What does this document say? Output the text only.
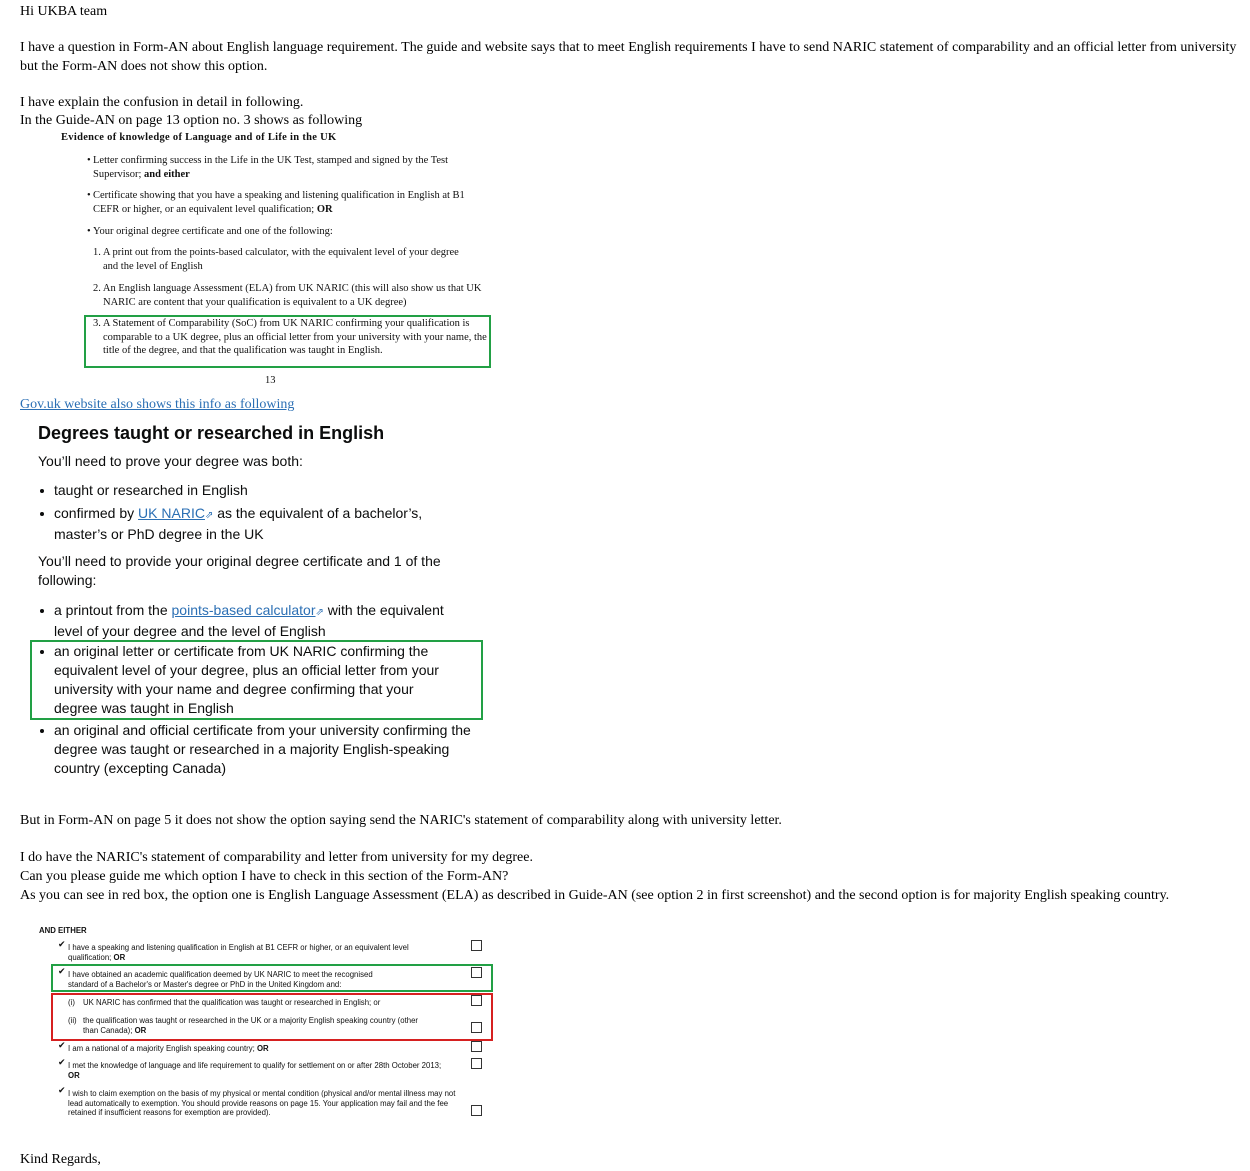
Hi UKBA team
I have a question in Form-AN about English language requirement. The guide and website says that to meet English requirements I have to send NARIC statement of comparability and an official letter from university but the Form-AN does not show this option.
I have explain the confusion in detail in following.
In the Guide-AN on page 13 option no. 3 shows as following
Evidence of knowledge of Language and of Life in the UK
• Letter confirming success in the Life in the UK Test, stamped and signed by the Test Supervisor; and either
• Certificate showing that you have a speaking and listening qualification in English at B1 CEFR or higher, or an equivalent level qualification; OR
• Your original degree certificate and one of the following:
1. A print out from the points-based calculator, with the equivalent level of your degree and the level of English
2. An English language Assessment (ELA) from UK NARIC (this will also show us that UK NARIC are content that your qualification is equivalent to a UK degree)
3. A Statement of Comparability (SoC) from UK NARIC confirming your qualification is comparable to a UK degree, plus an official letter from your university with your name, the title of the degree, and that the qualification was taught in English.
13
Gov.uk website also shows this info as following
Degrees taught or researched in English
You’ll need to prove your degree was both:
taught or researched in English
confirmed by UK NARIC⇗ as the equivalent of a bachelor’s, master’s or PhD degree in the UK
You’ll need to provide your original degree certificate and 1 of the following:
a printout from the points-based calculator⇗ with the equivalent level of your degree and the level of English
an original letter or certificate from UK NARIC confirming the equivalent level of your degree, plus an official letter from your university with your name and degree confirming that your degree was taught in English
an original and official certificate from your university confirming the degree was taught or researched in a majority English-speaking country (excepting Canada)
But in Form-AN on page 5 it does not show the option saying send the NARIC's statement of comparability along with university letter.
I do have the NARIC's statement of comparability and letter from university for my degree.
Can you please guide me which option I have to check in this section of the Form-AN?
As you can see in red box, the option one is English Language Assessment (ELA) as described in Guide-AN (see option 2 in first screenshot) and the second option is for majority English speaking country.
AND EITHER
✔ I have a speaking and listening qualification in English at B1 CEFR or higher, or an equivalent level qualification; OR
✔ I have obtained an academic qualification deemed by UK NARIC to meet the recognised standard of a Bachelor's or Master's degree or PhD in the United Kingdom and:
(i) UK NARIC has confirmed that the qualification was taught or researched in English; or
(ii) the qualification was taught or researched in the UK or a majority English speaking country (other than Canada); OR
✔ I am a national of a majority English speaking country; OR
✔ I met the knowledge of language and life requirement to qualify for settlement on or after 28th October 2013;
OR
✔ I wish to claim exemption on the basis of my physical or mental condition (physical and/or mental illness may not lead automatically to exemption. You should provide reasons on page 15. Your application may fail and the fee retained if insufficient reasons for exemption are provided).
Kind Regards,
